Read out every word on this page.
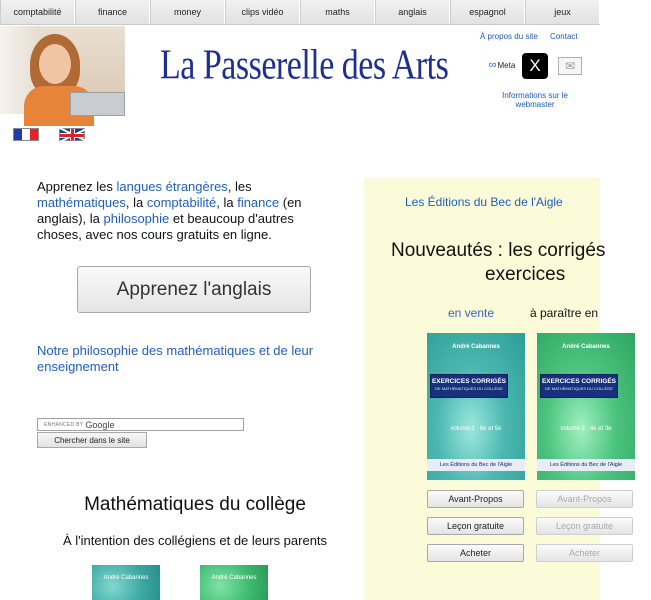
comptabilité	finance	money	clips vidéo	maths	anglais	espagnol	jeux
La Passerelle des Arts
À propos du site Contact
∞ Meta X	✉
Informations sur le webmaster
Apprenez les langues étrangères, les mathématiques, la comptabilité, la finance (en anglais), la philosophie et beaucoup d'autres choses, avec nos cours gratuits en ligne.
Apprenez l'anglais
Notre philosophie des mathématiques et de leur enseignement
ENHANCED BY Google
Chercher dans le site
Mathématiques du collège
À l'intention des collégiens et de leurs parents
André Cabannes	André Cabannes
Les Éditions du Bec de l'Aigle
Nouveautés : les corrigés
exercices
en vente	à paraître en
André Cabannes
EXERCICES CORRIGÉS
DE MATHÉMATIQUES DU COLLÈGE
volume 1 : 6e et 5e
Les Éditions du Bec de l'Aigle
André Cabannes
EXERCICES CORRIGÉS
DE MATHÉMATIQUES DU COLLÈGE
volume 2 : 4e et 3e
Les Éditions du Bec de l'Aigle
Avant-Propos
Leçon gratuite
Acheter
Avant-Propos
Leçon gratuite
Acheter
